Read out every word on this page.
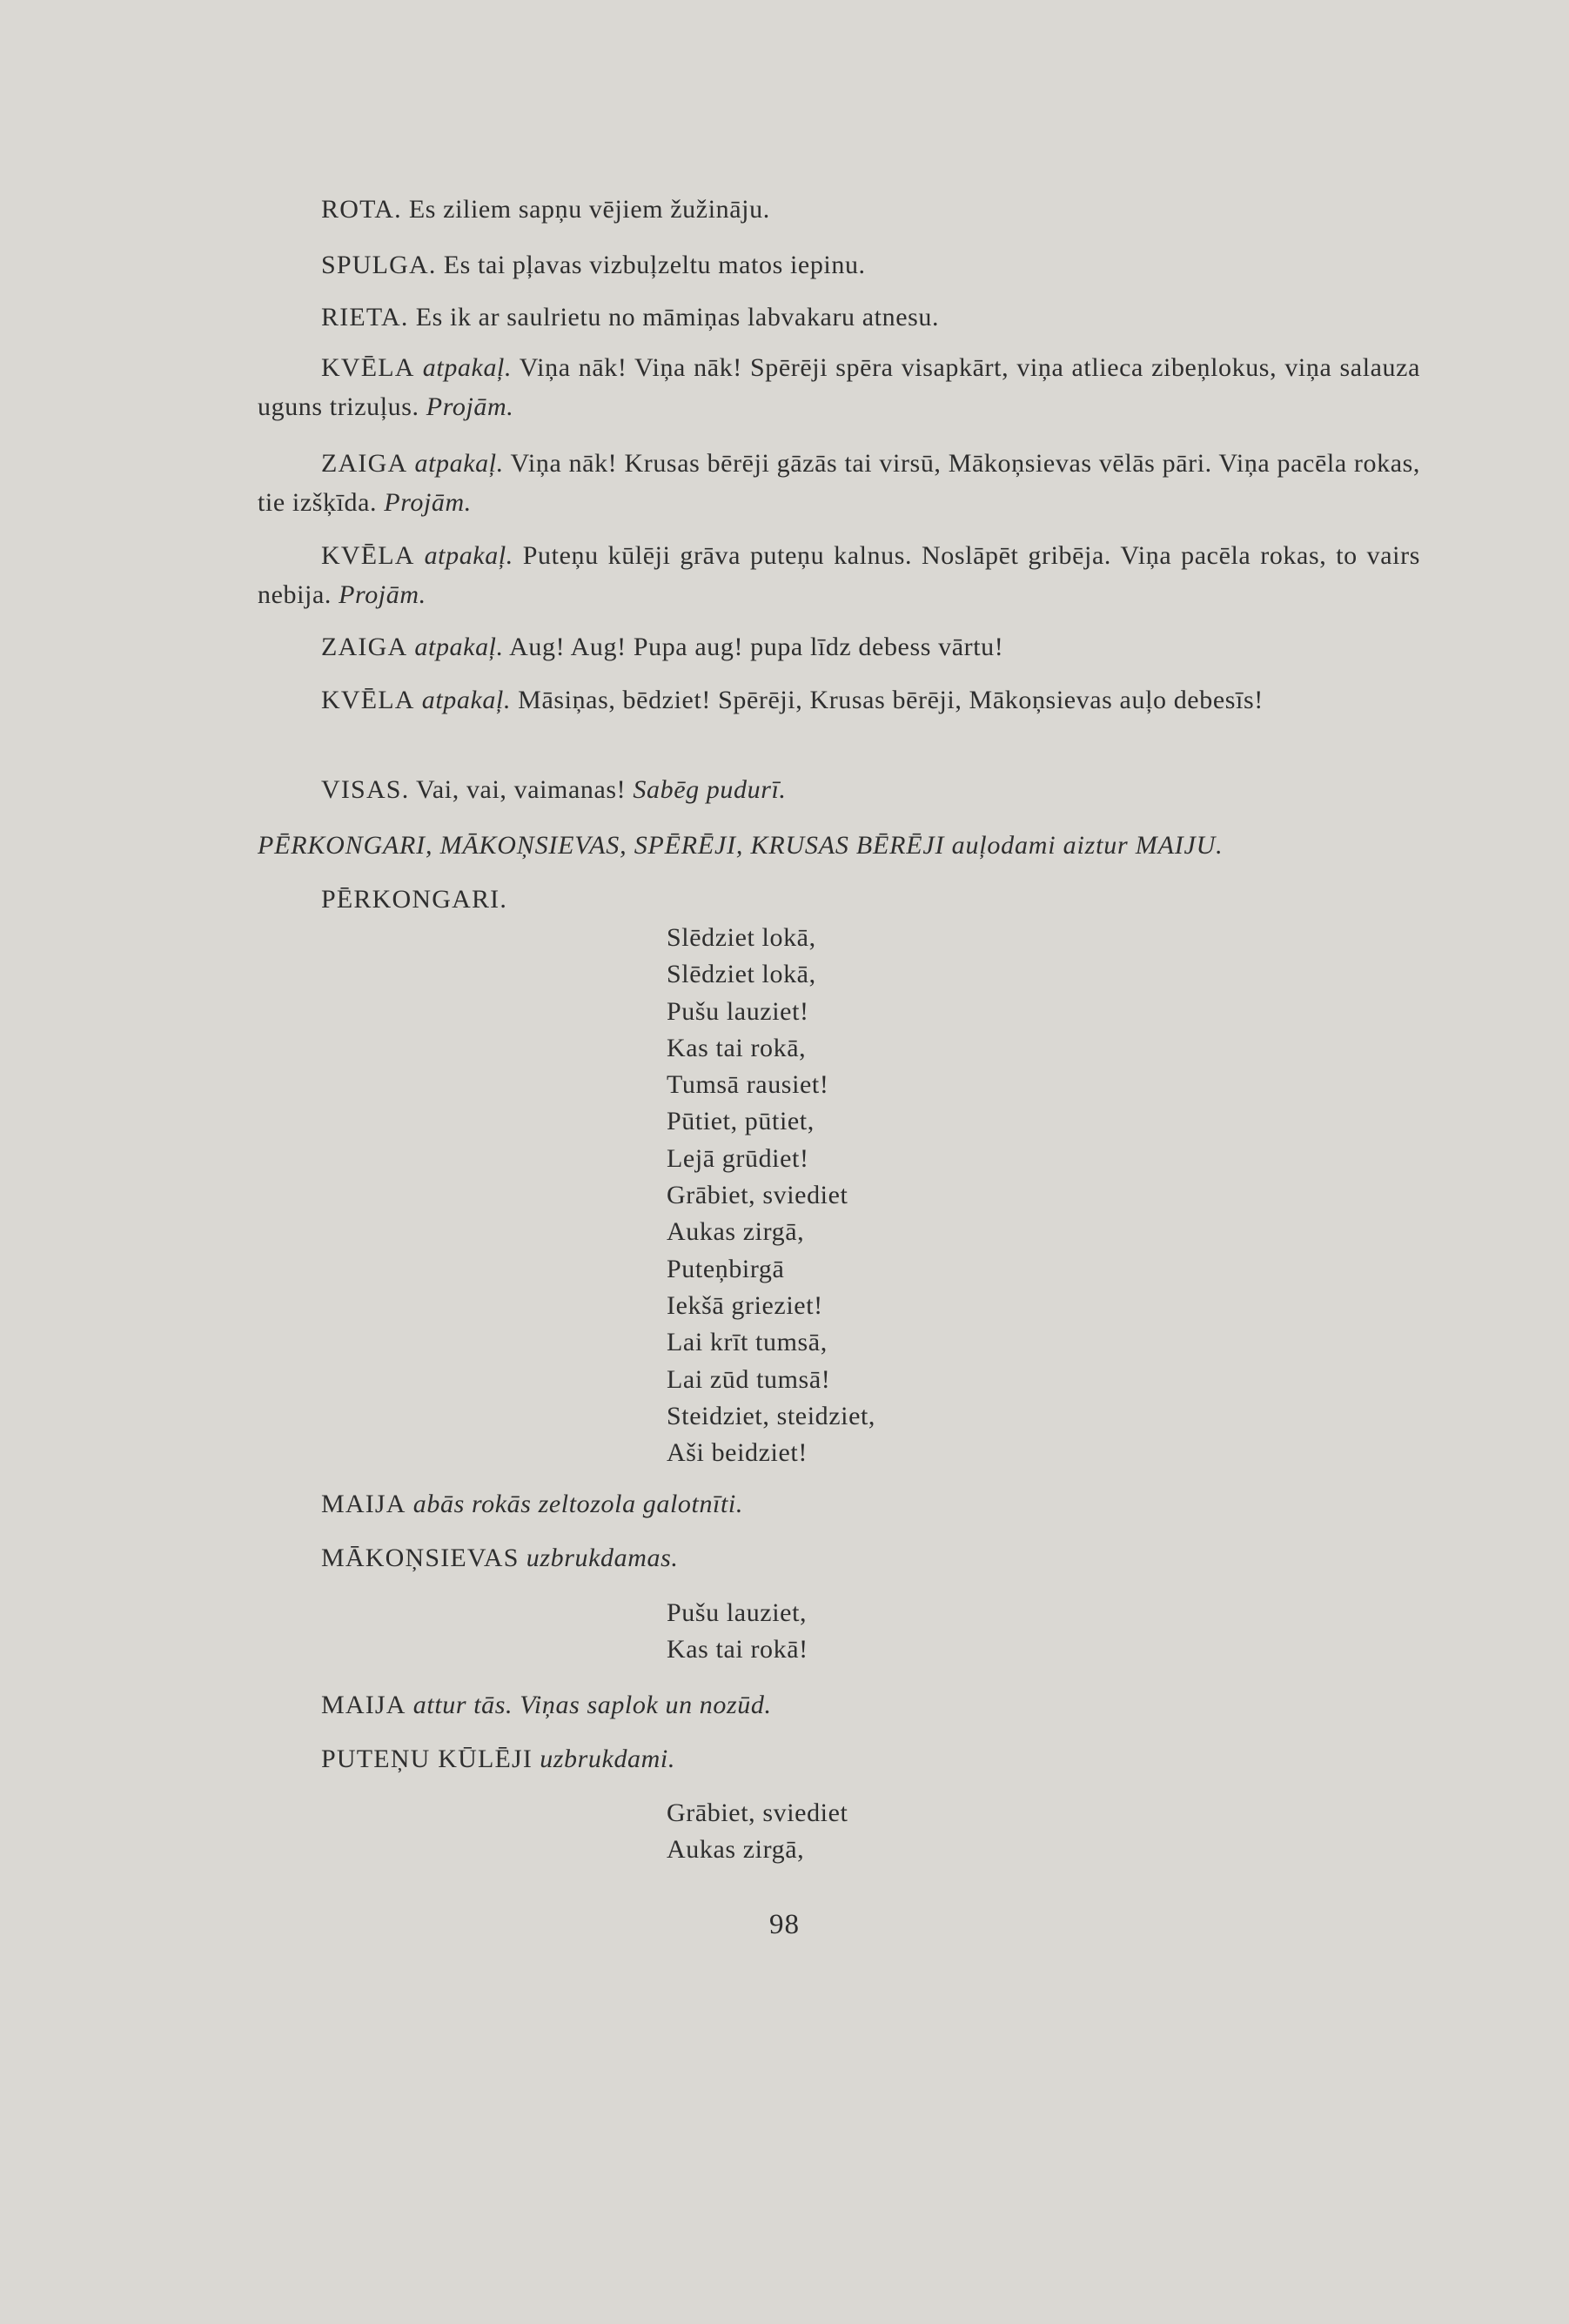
ROTA. Es ziliem sapņu vējiem žužināju.

SPULGA. Es tai pļavas vizbuļzeltu matos iepinu.

RIETA. Es ik ar saulrietu no māmiņas labvakaru atnesu.

KVĒLA atpakaļ. Viņa nāk! Viņa nāk! Spērēji spēra visapkārt, viņa atlieca zibeņlokus, viņa salauza uguns trizuļus. Projām.

ZAIGA atpakaļ. Viņa nāk! Krusas bērēji gāzās tai virsū, Mākoņsievas vēlās pāri. Viņa pacēla rokas, tie izšķīda. Projām.

KVĒLA atpakaļ. Puteņu kūlēji grāva puteņu kalnus. Noslāpēt gribēja. Viņa pacēla rokas, to vairs nebija. Projām.

ZAIGA atpakaļ. Aug! Aug! Pupa aug! pupa līdz debess vārtu!

KVĒLA atpakaļ. Māsiņas, bēdziet! Spērēji, Krusas bērēji, Mākoņsievas auļo debesīs!

VISAS. Vai, vai, vaimanas! Sabēg pudurī.

PĒRKONGARI, MĀKOŅSIEVAS, SPĒRĒJI, KRUSAS BĒRĒJI auļodami aiztur MAIJU.

PĒRKONGARI.

Slēdziet lokā,
Slēdziet lokā,
Pušu lauziet!
Kas tai rokā,
Tumsā rausiet!
Pūtiet, pūtiet,
Lejā grūdiet!
Grābiet, sviediet
Aukas zirgā,
Puteņbirgā
Iekšā grieziet!
Lai krīt tumsā,
Lai zūd tumsā!
Steidziet, steidziet,
Aši beidziet!

MAIJA abās rokās zeltozola galotnīti.

MĀKOŅSIEVAS uzbrukdamas.

Pušu lauziet,
Kas tai rokā!

MAIJA attur tās. Viņas saplok un nozūd.

PUTEŅU KŪLĒJI uzbrukdami.

Grābiet, sviediet
Aukas zirgā,
98
